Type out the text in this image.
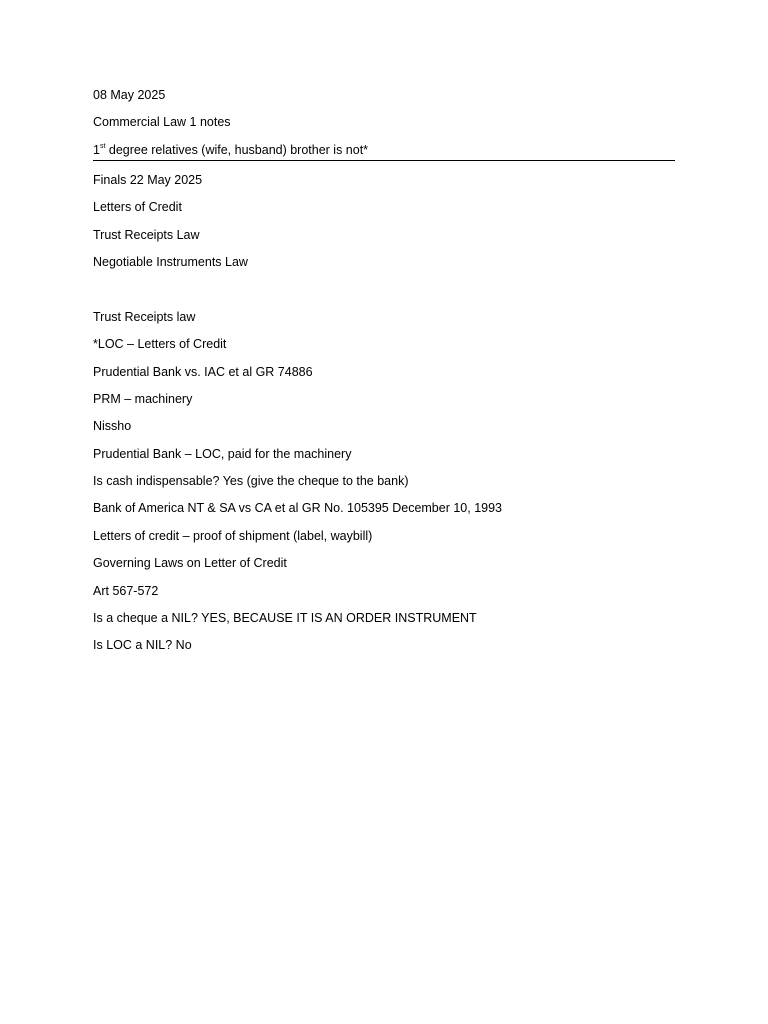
08 May 2025
Commercial Law 1 notes
1st degree relatives (wife, husband) brother is not*
Finals 22 May 2025
Letters of Credit
Trust Receipts Law
Negotiable Instruments Law
Trust Receipts law
*LOC – Letters of Credit
Prudential Bank vs. IAC et al GR 74886
PRM – machinery
Nissho
Prudential Bank – LOC, paid for the machinery
Is cash indispensable? Yes (give the cheque to the bank)
Bank of America NT & SA vs CA et al GR No. 105395 December 10, 1993
Letters of credit – proof of shipment (label, waybill)
Governing Laws on Letter of Credit
Art 567-572
Is a cheque a NIL? YES, BECAUSE IT IS AN ORDER INSTRUMENT
Is LOC a NIL? No
